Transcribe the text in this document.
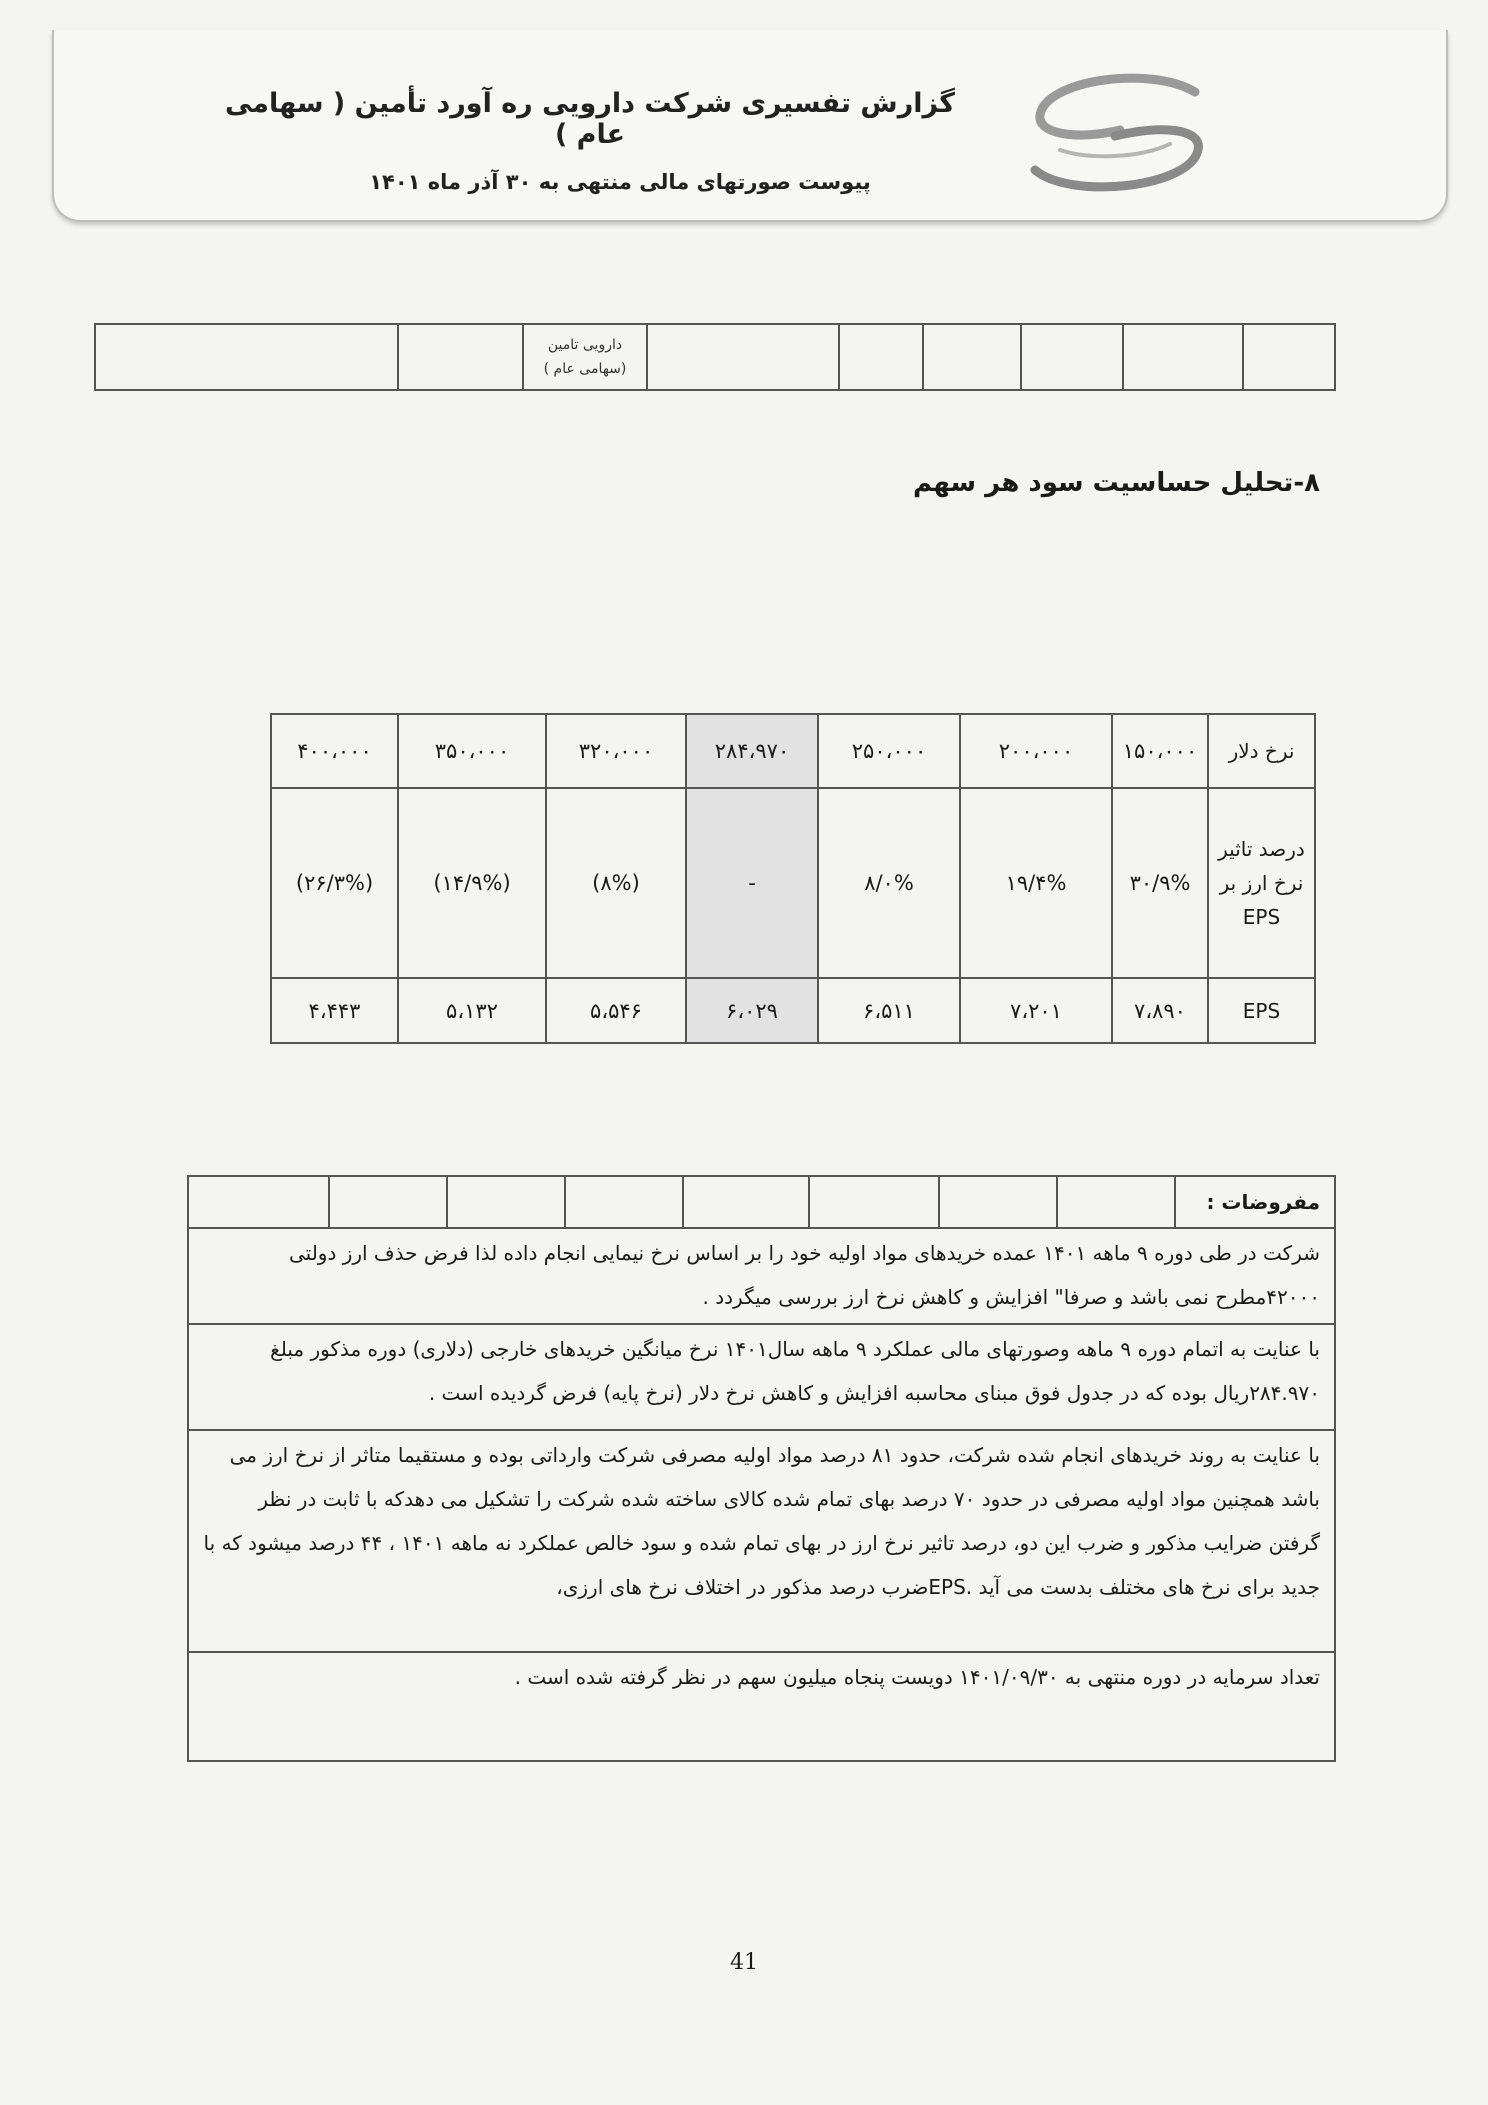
گزارش تفسیری شرکت دارویی ره آورد تأمین ( سهامی عام )
پیوست صورتهای مالی منتهی به ۳۰ آذر ماه ۱۴۰۱

دارویی تامین
(سهامی عام )

۸-تحلیل حساسیت سود هر سهم
نرخ دلار	۱۵۰،۰۰۰	۲۰۰،۰۰۰	۲۵۰،۰۰۰	۲۸۴،۹۷۰	۳۲۰،۰۰۰	۳۵۰،۰۰۰	۴۰۰،۰۰۰
درصد تاثیر نرخ ارز بر EPS	۳۰/۹%	۱۹/۴%	۸/۰%	-	(۸%)	(۱۴/۹%)	(۲۶/۳%)
EPS	۷،۸۹۰	۷،۲۰۱	۶،۵۱۱	۶،۰۲۹	۵،۵۴۶	۵،۱۳۲	۴،۴۴۳
مفروضات :								
شرکت در طی دوره ۹ ماهه ۱۴۰۱ عمده خریدهای مواد اولیه خود را بر اساس نرخ نیمایی انجام داده لذا فرض حذف ارز دولتی ۴۲۰۰۰مطرح نمی باشد و صرفا" افزایش و کاهش نرخ ارز بررسی میگردد .
با عنایت به اتمام دوره ۹ ماهه وصورتهای مالی عملکرد ۹ ماهه سال۱۴۰۱ نرخ میانگین خریدهای خارجی (دلاری) دوره مذکور مبلغ ۲۸۴.۹۷۰ریال بوده که در جدول فوق مبنای محاسبه افزایش و کاهش نرخ دلار (نرخ پایه) فرض گردیده است .
با عنایت به روند خریدهای انجام شده شرکت، حدود ۸۱ درصد مواد اولیه مصرفی شرکت وارداتی بوده و مستقیما متاثر از نرخ ارز می باشد همچنین مواد اولیه مصرفی در حدود ۷۰ درصد بهای تمام شده کالای ساخته شده شرکت را تشکیل می دهدکه با ثابت در نظر گرفتن ضرایب مذکور و ضرب این دو، درصد تاثیر نرخ ارز در بهای تمام شده و سود خالص عملکرد نه ماهه ۱۴۰۱ ، ۴۴ درصد میشود که با جدید برای نرخ های مختلف بدست می آید .EPSضرب درصد مذکور در اختلاف نرخ های ارزی،
تعداد سرمایه در دوره منتهی به ۱۴۰۱/۰۹/۳۰ دویست پنجاه میلیون سهم در نظر گرفته شده است .

41
